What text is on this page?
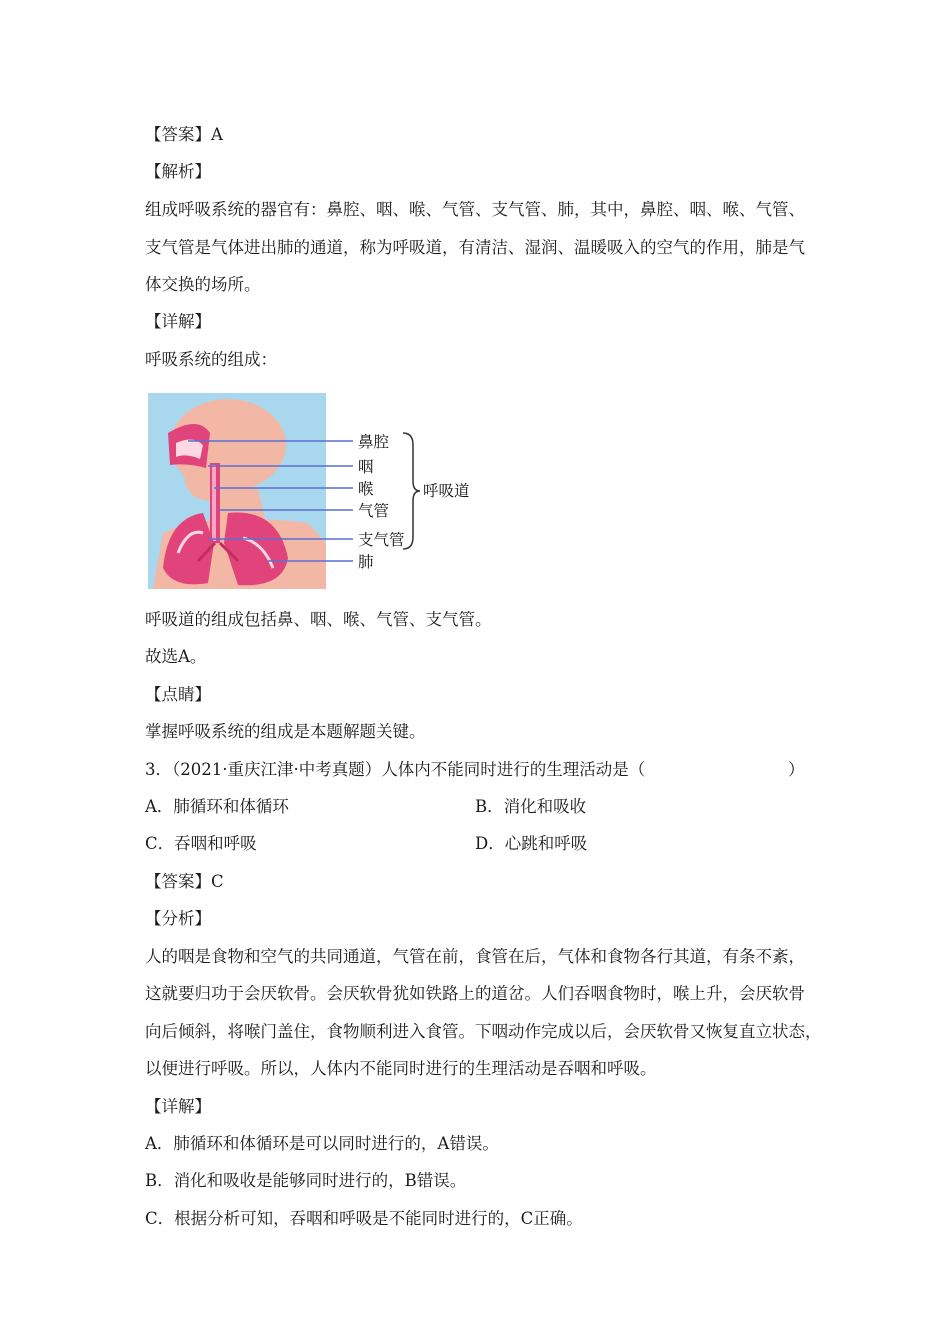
【答案】A
【解析】
组成呼吸系统的器官有：鼻腔、咽、喉、气管、支气管、肺，其中，鼻腔、咽、喉、气管、
支气管是气体进出肺的通道，称为呼吸道，有清洁、湿润、温暖吸入的空气的作用，肺是气
体交换的场所。
【详解】
呼吸系统的组成：
鼻腔
咽
喉
气管
支气管
肺
呼吸道
呼吸道的组成包括鼻、咽、喉、气管、支气管。
故选A。
【点睛】
掌握呼吸系统的组成是本题解题关键。
3．（2021·重庆江津·中考真题）人体内不能同时进行的生理活动是（	）
A．肺循环和体循环	B．消化和吸收
C．吞咽和呼吸	D．心跳和呼吸
【答案】C
【分析】
人的咽是食物和空气的共同通道，气管在前，食管在后，气体和食物各行其道，有条不紊，
这就要归功于会厌软骨。会厌软骨犹如铁路上的道岔。人们吞咽食物时，喉上升，会厌软骨
向后倾斜，将喉门盖住，食物顺利进入食管。下咽动作完成以后，会厌软骨又恢复直立状态，
以便进行呼吸。所以，人体内不能同时进行的生理活动是吞咽和呼吸。
【详解】
A．肺循环和体循环是可以同时进行的，A错误。
B．消化和吸收是能够同时进行的，B错误。
C．根据分析可知，吞咽和呼吸是不能同时进行的，C正确。
